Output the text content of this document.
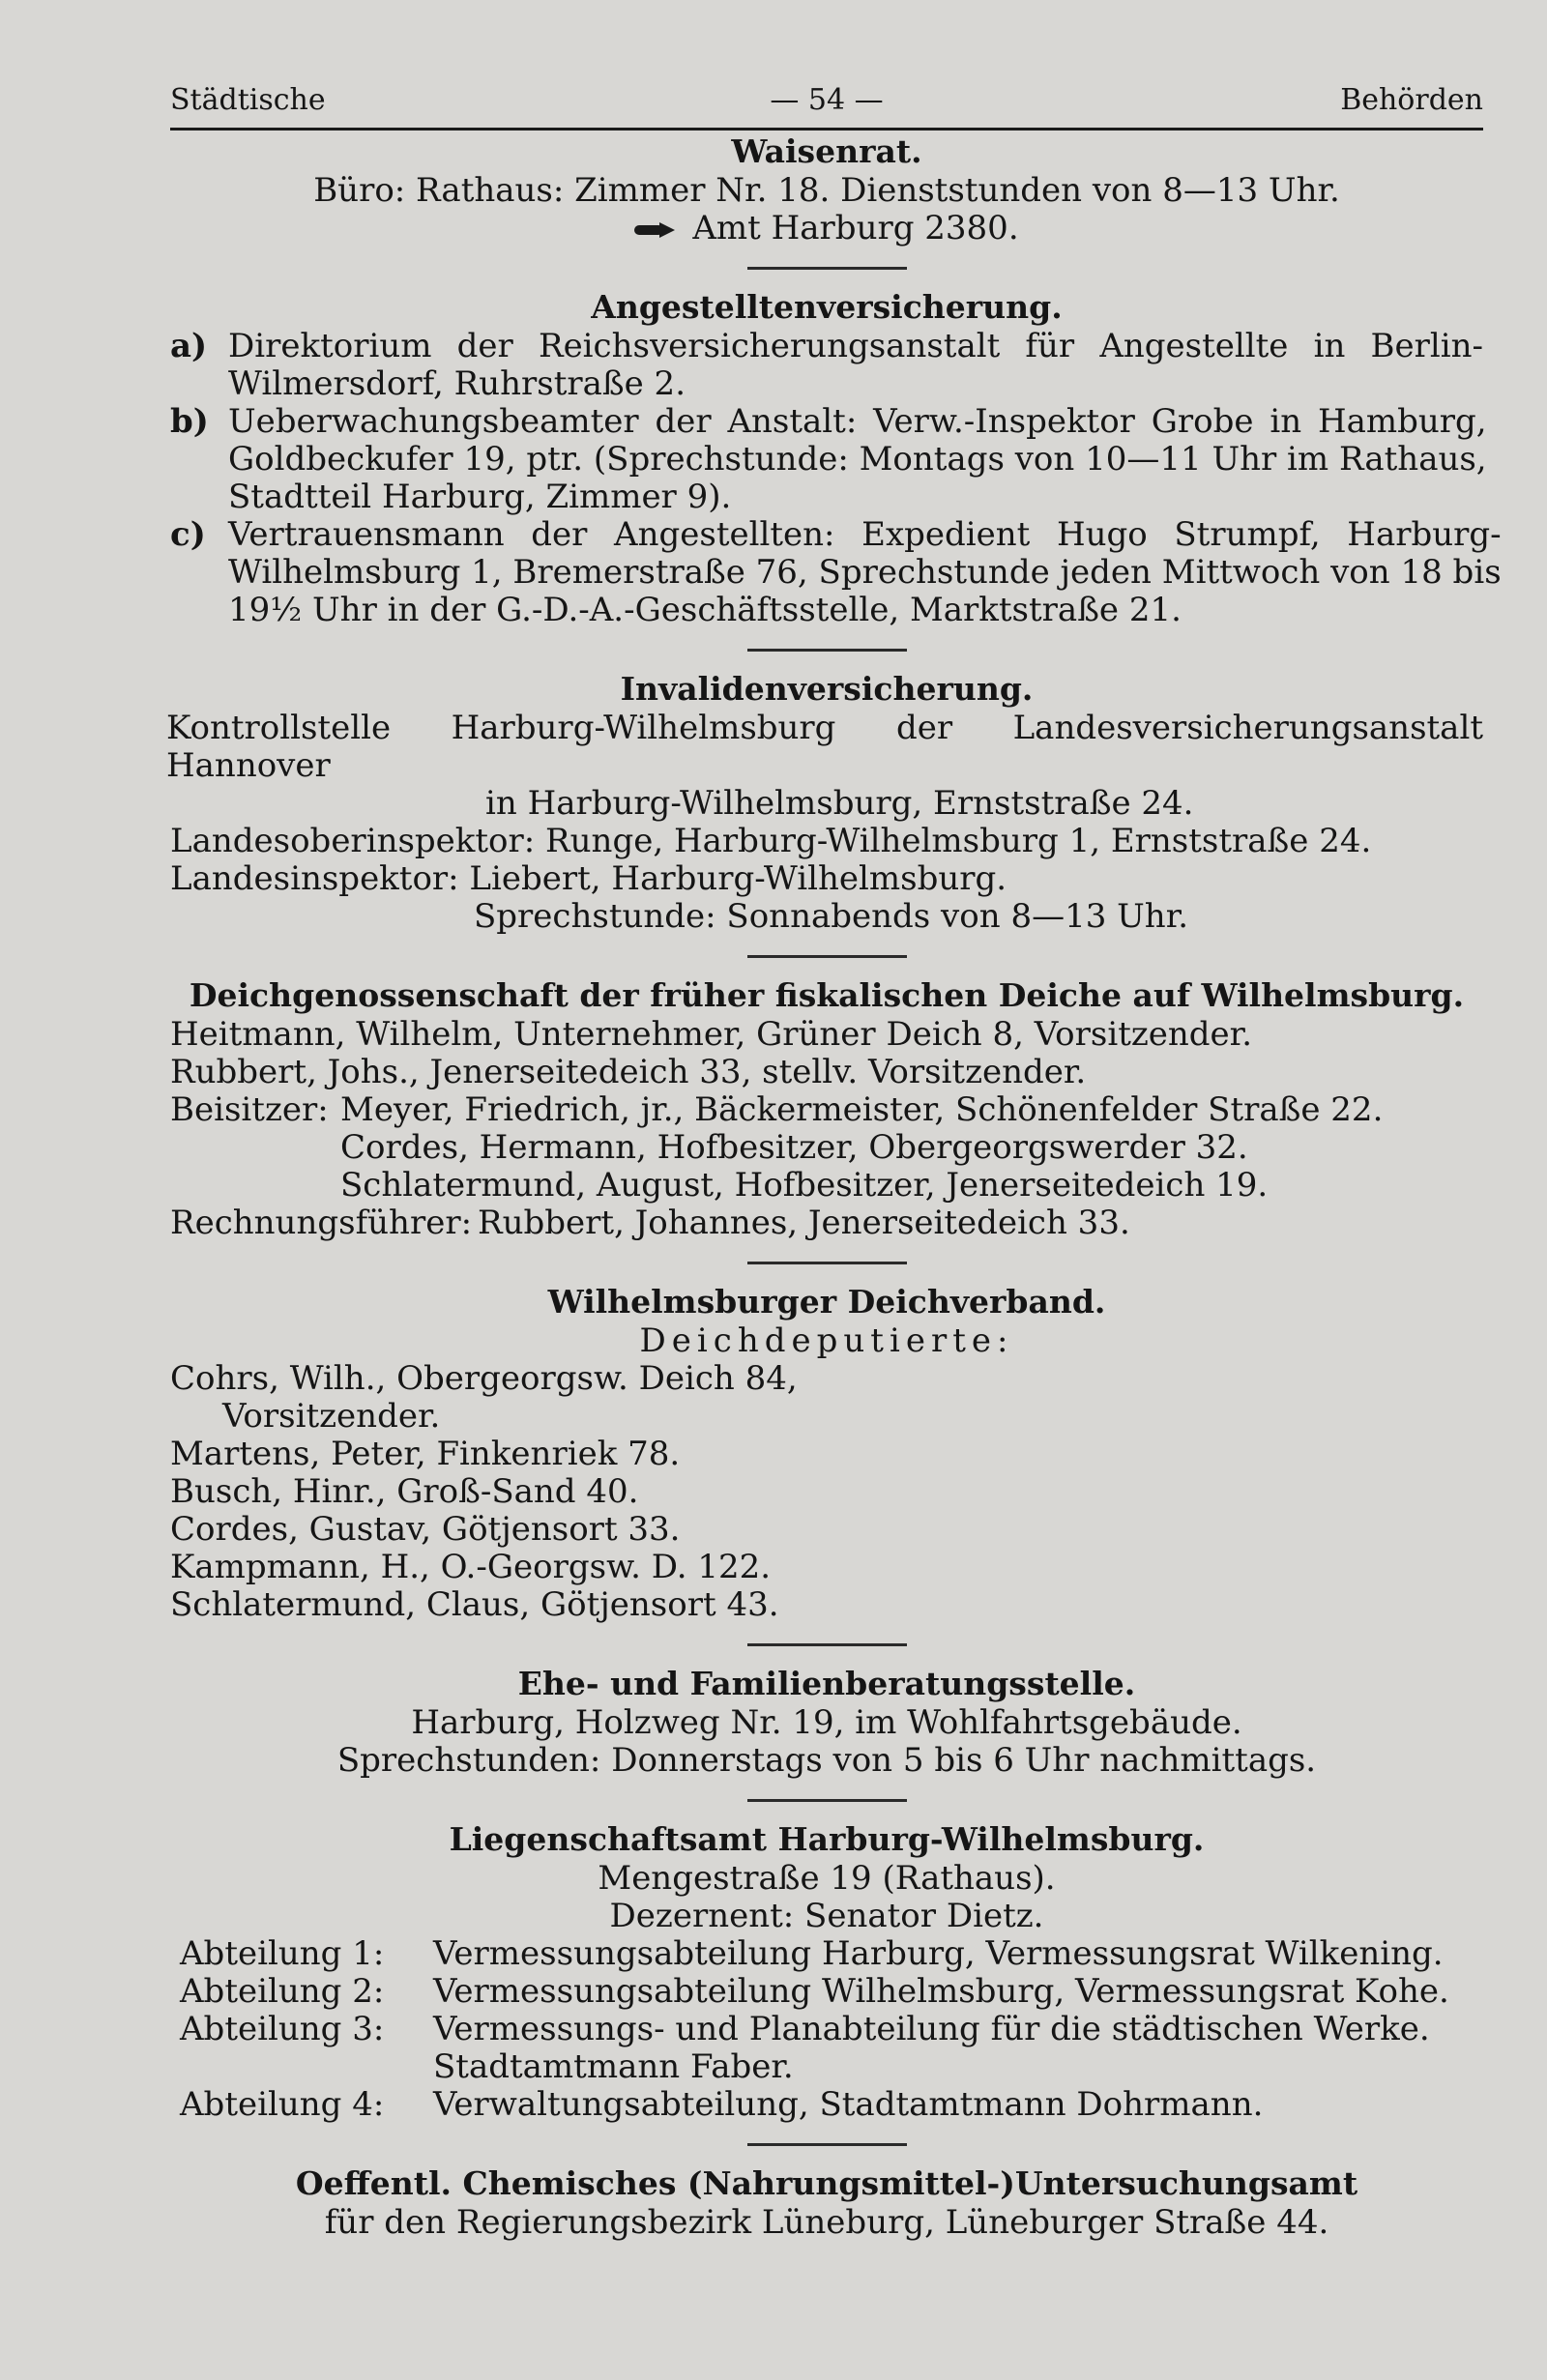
Städtische	— 54 —	Behörden
Waisenrat.
Büro: Rathaus: Zimmer Nr. 18. Dienststunden von 8—13 Uhr.
Amt Harburg 2380.
Angestelltenversicherung.
a) Direktorium der Reichsversicherungsanstalt für Angestellte in Berlin-
Wilmersdorf, Ruhrstraße 2.
b) Ueberwachungsbeamter der Anstalt: Verw.-Inspektor Grobe in Hamburg,
Goldbeckufer 19, ptr. (Sprechstunde: Montags von 10—11 Uhr im Rathaus,
Stadtteil Harburg, Zimmer 9).
c) Vertrauensmann der Angestellten: Expedient Hugo Strumpf, Harburg-
Wilhelmsburg 1, Bremerstraße 76, Sprechstunde jeden Mittwoch von 18 bis
19½ Uhr in der G.-D.-A.-Geschäftsstelle, Marktstraße 21.
Invalidenversicherung.
Kontrollstelle Harburg-Wilhelmsburg der Landesversicherungsanstalt Hannover
in Harburg-Wilhelmsburg, Ernststraße 24.
Landesoberinspektor: Runge, Harburg-Wilhelmsburg 1, Ernststraße 24.
Landesinspektor: Liebert, Harburg-Wilhelmsburg.
Sprechstunde: Sonnabends von 8—13 Uhr.
Deichgenossenschaft der früher fiskalischen Deiche auf Wilhelmsburg.
Heitmann, Wilhelm, Unternehmer, Grüner Deich 8, Vorsitzender.
Rubbert, Johs., Jenerseitedeich 33, stellv. Vorsitzender.
Beisitzer: Meyer, Friedrich, jr., Bäckermeister, Schönenfelder Straße 22.
Cordes, Hermann, Hofbesitzer, Obergeorgswerder 32.
Schlatermund, August, Hofbesitzer, Jenerseitedeich 19.
Rechnungsführer: Rubbert, Johannes, Jenerseitedeich 33.
Wilhelmsburger Deichverband.
Deichdeputierte:
Cohrs, Wilh., Obergeorgsw. Deich 84,
Vorsitzender.
Martens, Peter, Finkenriek 78.
Busch, Hinr., Groß-Sand 40.
Cordes, Gustav, Götjensort 33.
Kampmann, H., O.-Georgsw. D. 122.
Schlatermund, Claus, Götjensort 43.
Ehe- und Familienberatungsstelle.
Harburg, Holzweg Nr. 19, im Wohlfahrtsgebäude.
Sprechstunden: Donnerstags von 5 bis 6 Uhr nachmittags.
Liegenschaftsamt Harburg-Wilhelmsburg.
Mengestraße 19 (Rathaus).
Dezernent: Senator Dietz.
Abteilung 1:	Vermessungsabteilung Harburg, Vermessungsrat Wilkening.
Abteilung 2:	Vermessungsabteilung Wilhelmsburg, Vermessungsrat Kohe.
Abteilung 3:	Vermessungs- und Planabteilung für die städtischen Werke.
Stadtamtmann Faber.
Abteilung 4:	Verwaltungsabteilung, Stadtamtmann Dohrmann.
Oeffentl. Chemisches (Nahrungsmittel-)Untersuchungsamt
für den Regierungsbezirk Lüneburg, Lüneburger Straße 44.
